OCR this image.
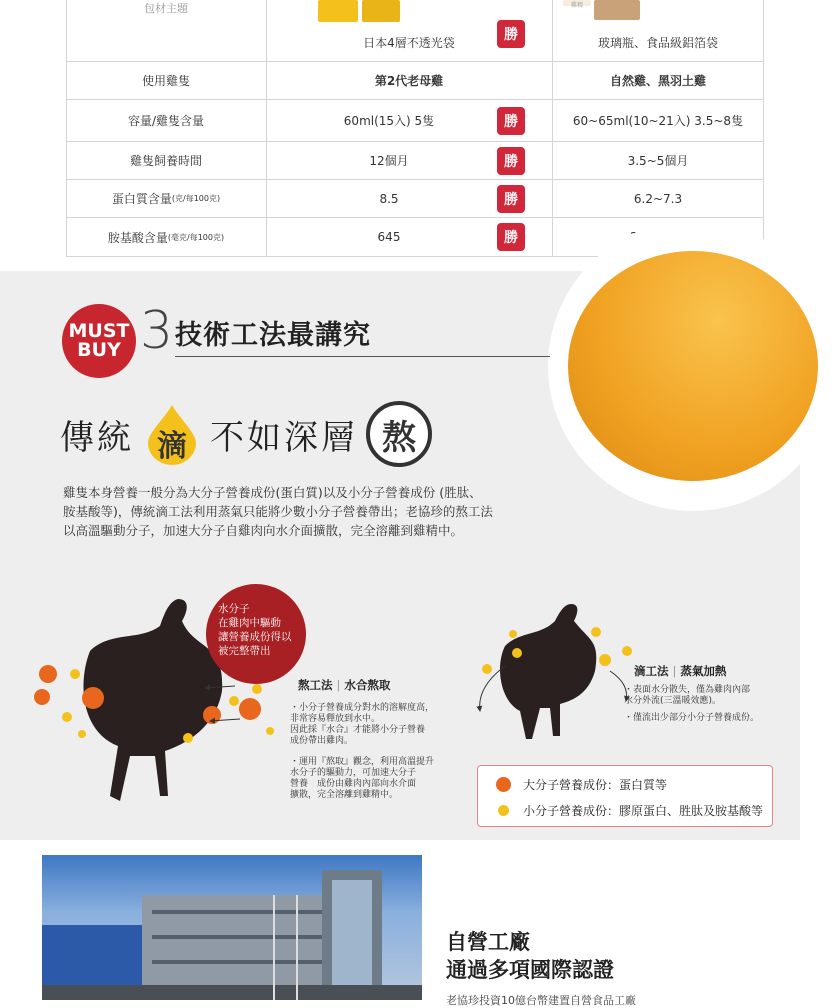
包材主題	雞精
日本4層不透光袋	勝	玻璃瓶、食品級鋁箔袋
使用雞隻	第2代老母雞	自然雞、黑羽土雞
容量/雞隻含量	60ml(15入) 5隻	勝	60~65ml(10~21入) 3.5~8隻
雞隻飼養時間	12個月	勝	3.5~5個月
蛋白質含量 (克/每100克)	8.5	勝	6.2~7.3
胺基酸含量 (毫克/每100克)	645	勝
MUST
BUY 3 技術工法最講究
傳統 滴 不如深層 熬

雞隻本身營養一般分為大分子營養成份(蛋白質)以及小分子營養成份 (胜肽、

胺基酸等)，傳統滴工法利用蒸氣只能將少數小分子營養帶出；老協珍的熬工法

以高溫驅動分子，加速大分子自雞肉向水介面擴散，完全溶離到雞精中。

水分子
在雞肉中驅動
讓營養成份得以
被完整帶出
熬工法 | 水合熬取
・小分子營養成分對水的溶解度高，
非常容易釋放到水中。
因此採『水合』才能將小分子營養
成份帶出雞肉。
・運用『熬取』觀念，利用高溫提升
水分子的驅動力，可加速大分子
營養　成份由雞肉內部向水介面
擴散，完全溶離到雞精中。
滴工法 | 蒸氣加熱
・表面水分散失，僅為雞肉內部
水分外流(三溫暖效應)。
・僅流出少部分小分子營養成份。
大分子營養成份：蛋白質等
小分子營養成份：膠原蛋白、胜肽及胺基酸等
自營工廠
通過多項國際認證
老協珍投資10億台幣建置自營食品工廠
